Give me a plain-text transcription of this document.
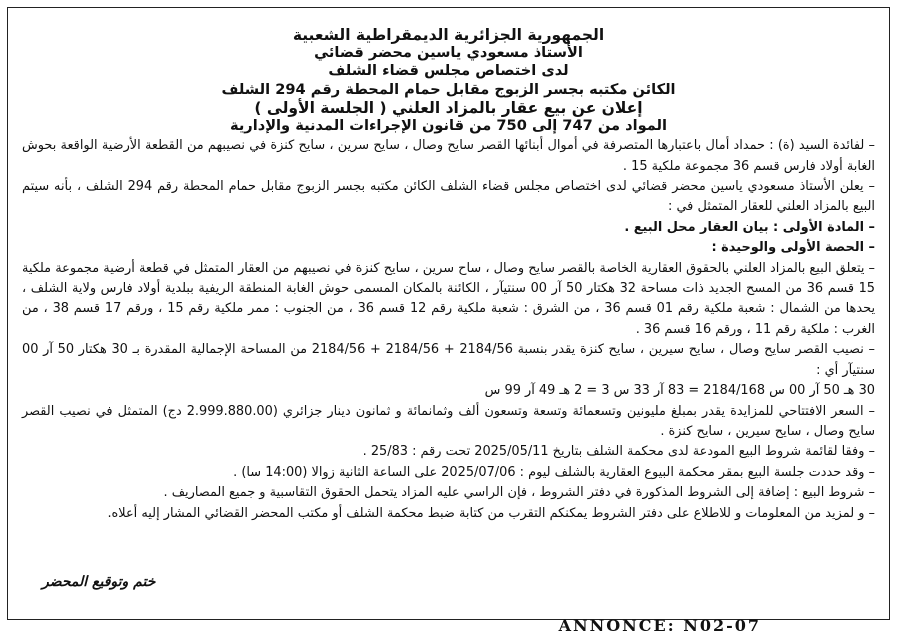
الجمهورية الجزائرية الديمقراطية الشعبية
الأستاذ مسعودي ياسين محضر قضائي
لدى اختصاص مجلس قضاء الشلف
الكائن مكتبه بجسر الزبوج مقابل حمام المحطة رقم 294 الشلف
إعلان عن بيع عقار بالمزاد العلني ( الجلسة الأولى )
المواد من 747 إلى 750 من قانون الإجراءات المدنية والإدارية
– لفائدة السيد (ة) : حمداد أمال باعتبارها المتصرفة في أموال أبنائها القصر سايح وصال ، سايح سرين ، سايح كنزة في نصيبهم من القطعة الأرضية الواقعة بحوش الغابة أولاد فارس قسم 36 مجموعة ملكية 15 .
– يعلن الأستاذ مسعودي ياسين محضر قضائي لدى اختصاص مجلس قضاء الشلف الكائن مكتبه بجسر الزبوج مقابل حمام المحطة رقم 294 الشلف ، بأنه سيتم البيع بالمزاد العلني للعقار المتمثل في :
– المادة الأولى : بيان العقار محل البيع .
– الحصة الأولى والوحيدة :
– يتعلق البيع بالمزاد العلني بالحقوق العقارية الخاصة بالقصر سايح وصال ، ساح سرين ، سايح كنزة في نصيبهم من العقار المتمثل في قطعة أرضية مجموعة ملكية 15 قسم 36 من المسح الجديد ذات مساحة 32 هكتار 50 آر 00 سنتيآر ، الكائنة بالمكان المسمى حوش الغابة المنطقة الريفية ببلدية أولاد فارس ولاية الشلف ، يحدها من الشمال : شعبة ملكية رقم 01 قسم 36 ، من الشرق : شعبة ملكية رقم 12 قسم 36 ، من الجنوب : ممر ملكية رقم 15 ، ورقم 17 قسم 38 ، من الغرب : ملكية رقم 11 ، ورقم 16 قسم 36 .
– نصيب القصر سايح وصال ، سايح سيرين ، سايح كنزة يقدر بنسبة 2184/56 + 2184/56 + 2184/56 من المساحة الإجمالية المقدرة بـ 30 هكتار 50 آر 00 سنتيآر أي :
30 هـ 50 آر 00 س 2184/168 = 83 آر 33 س 3 = 2 هـ 49 آر 99 س
– السعر الافتتاحي للمزايدة يقدر بمبلغ مليونين وتسعمائة وتسعة وتسعون ألف وثمانمائة و ثمانون دينار جزائري (2.999.880.00 دج) المتمثل في نصيب القصر سايح وصال ، سايح سيرين ، سايح كنزة .
– وفقا لقائمة شروط البيع المودعة لدى محكمة الشلف بتاريخ 2025/05/11 تحت رقم : 25/83 .
– وقد حددت جلسة البيع بمقر محكمة البيوع العقارية بالشلف ليوم : 2025/07/06 على الساعة الثانية زوالا (14:00 سا) .
– شروط البيع : إضافة إلى الشروط المذكورة في دفتر الشروط ، فإن الراسي عليه المزاد يتحمل الحقوق التقاسبية و جميع المصاريف .
– و لمزيد من المعلومات و للاطلاع على دفتر الشروط يمكنكم التقرب من كتابة ضبط محكمة الشلف أو مكتب المحضر القضائي المشار إليه أعلاه.
ختم وتوقيع المحضر
ANNONCE: N02-07
